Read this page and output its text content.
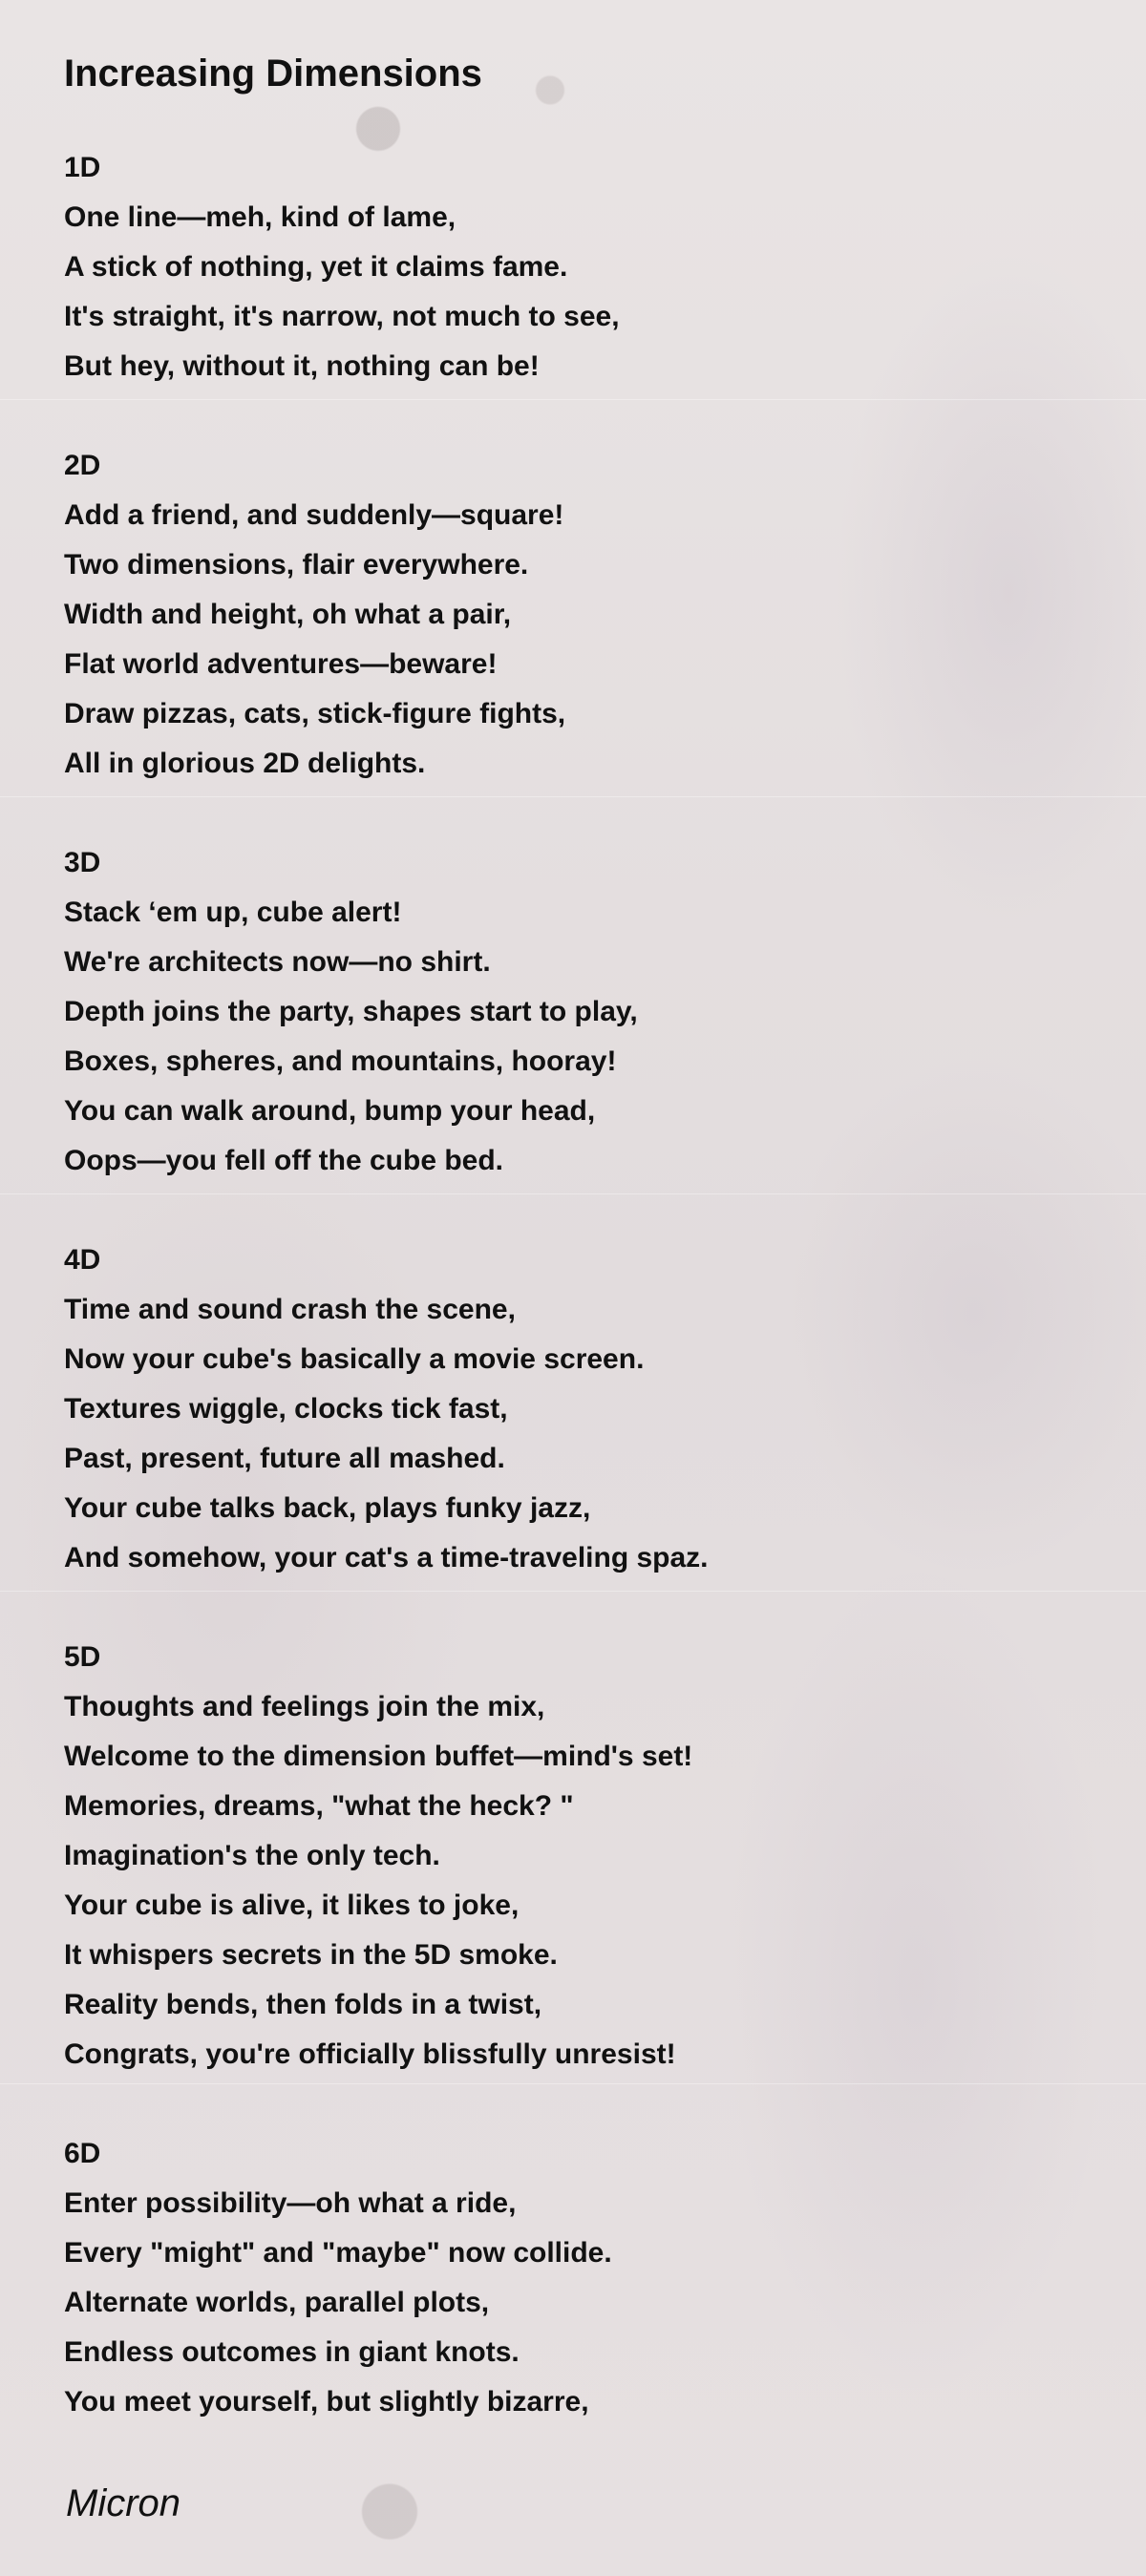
Increasing Dimensions
1D
One line—meh, kind of lame,
A stick of nothing, yet it claims fame.
It's straight, it's narrow, not much to see,
But hey, without it, nothing can be!
2D
Add a friend, and suddenly—square!
Two dimensions, flair everywhere.
Width and height, oh what a pair,
Flat world adventures—beware!
Draw pizzas, cats, stick-figure fights,
All in glorious 2D delights.
3D
Stack ‘em up, cube alert!
We're architects now—no shirt.
Depth joins the party, shapes start to play,
Boxes, spheres, and mountains, hooray!
You can walk around, bump your head,
Oops—you fell off the cube bed.
4D
Time and sound crash the scene,
Now your cube's basically a movie screen.
Textures wiggle, clocks tick fast,
Past, present, future all mashed.
Your cube talks back, plays funky jazz,
And somehow, your cat's a time-traveling spaz.
5D
Thoughts and feelings join the mix,
Welcome to the dimension buffet—mind's set!
Memories, dreams, "what the heck? "
Imagination's the only tech.
Your cube is alive, it likes to joke,
It whispers secrets in the 5D smoke.
Reality bends, then folds in a twist,
Congrats, you're officially blissfully unresist!
6D
Enter possibility—oh what a ride,
Every "might" and "maybe" now collide.
Alternate worlds, parallel plots,
Endless outcomes in giant knots.
You meet yourself, but slightly bizarre,
Micron
